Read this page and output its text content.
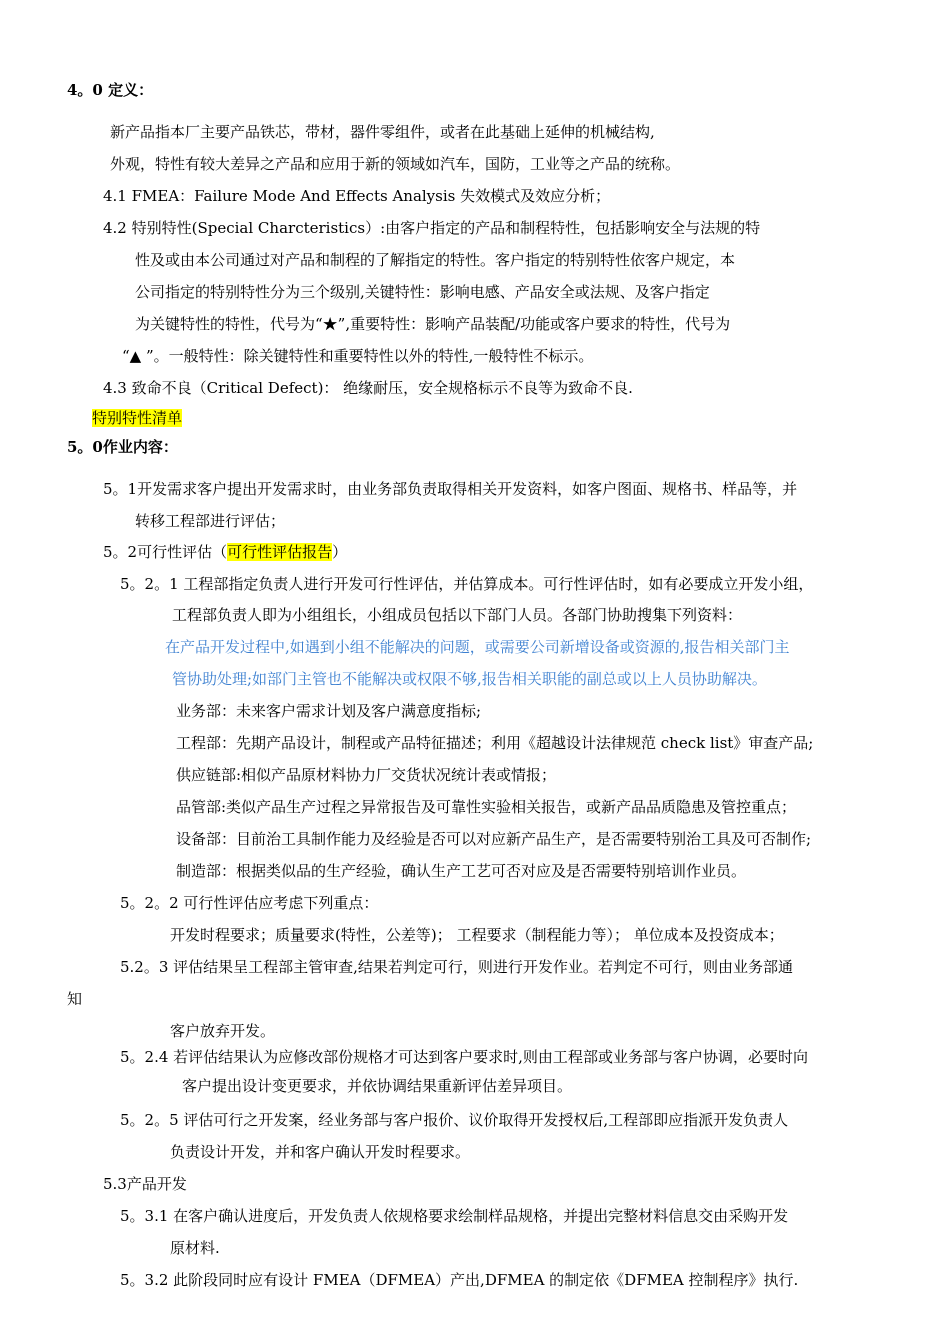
4。0 定义：
新产品指本厂主要产品铁芯，带材，器件零组件，或者在此基础上延伸的机械结构,
外观，特性有较大差异之产品和应用于新的领域如汽车，国防，工业等之产品的统称。
4.1 FMEA：Failure Mode And Effects Analysis 失效模式及效应分析；
4.2 特别特性(Special Charcteristics）:由客户指定的产品和制程特性，包括影响安全与法规的特
性及或由本公司通过对产品和制程的了解指定的特性。客户指定的特别特性依客户规定，本
公司指定的特别特性分为三个级别,关键特性：影响电感、产品安全或法规、及客户指定
为关键特性的特性，代号为“★”,重要特性：影响产品装配/功能或客户要求的特性，代号为
“▲ ”。一般特性：除关键特性和重要特性以外的特性,一般特性不标示。
4.3 致命不良（Critical Defect)： 绝缘耐压，安全规格标示不良等为致命不良.
特别特性清单
5。0作业内容：
5。1开发需求客户提出开发需求时，由业务部负责取得相关开发资料，如客户图面、规格书、样品等，并
转移工程部进行评估；
5。2可行性评估（可行性评估报告）
5。2。1 工程部指定负责人进行开发可行性评估，并估算成本。可行性评估时，如有必要成立开发小组，
工程部负责人即为小组组长，小组成员包括以下部门人员。各部门协助搜集下列资料：
在产品开发过程中,如遇到小组不能解决的问题，或需要公司新增设备或资源的,报告相关部门主
管协助处理;如部门主管也不能解决或权限不够,报告相关职能的副总或以上人员协助解决。
业务部：未来客户需求计划及客户满意度指标;
工程部：先期产品设计，制程或产品特征描述；利用《超越设计法律规范 check list》审查产品;
供应链部:相似产品原材料协力厂交货状况统计表或情报；
品管部:类似产品生产过程之异常报告及可靠性实验相关报告，或新产品品质隐患及管控重点；
设备部：目前治工具制作能力及经验是否可以对应新产品生产，是否需要特别治工具及可否制作;
制造部：根据类似品的生产经验，确认生产工艺可否对应及是否需要特别培训作业员。
5。2。2 可行性评估应考虑下列重点：
开发时程要求；质量要求(特性，公差等)； 工程要求（制程能力等）； 单位成本及投资成本；
5.2。3 评估结果呈工程部主管审查,结果若判定可行，则进行开发作业。若判定不可行，则由业务部通
知
客户放弃开发。
5。2.4 若评估结果认为应修改部份规格才可达到客户要求时,则由工程部或业务部与客户协调，必要时向
客户提出设计变更要求，并依协调结果重新评估差异项目。
5。2。5 评估可行之开发案，经业务部与客户报价、议价取得开发授权后,工程部即应指派开发负责人
负责设计开发，并和客户确认开发时程要求。
5.3产品开发
5。3.1 在客户确认进度后，开发负责人依规格要求绘制样品规格，并提出完整材料信息交由采购开发
原材料.
5。3.2 此阶段同时应有设计 FMEA（DFMEA）产出,DFMEA 的制定依《DFMEA 控制程序》执行.
